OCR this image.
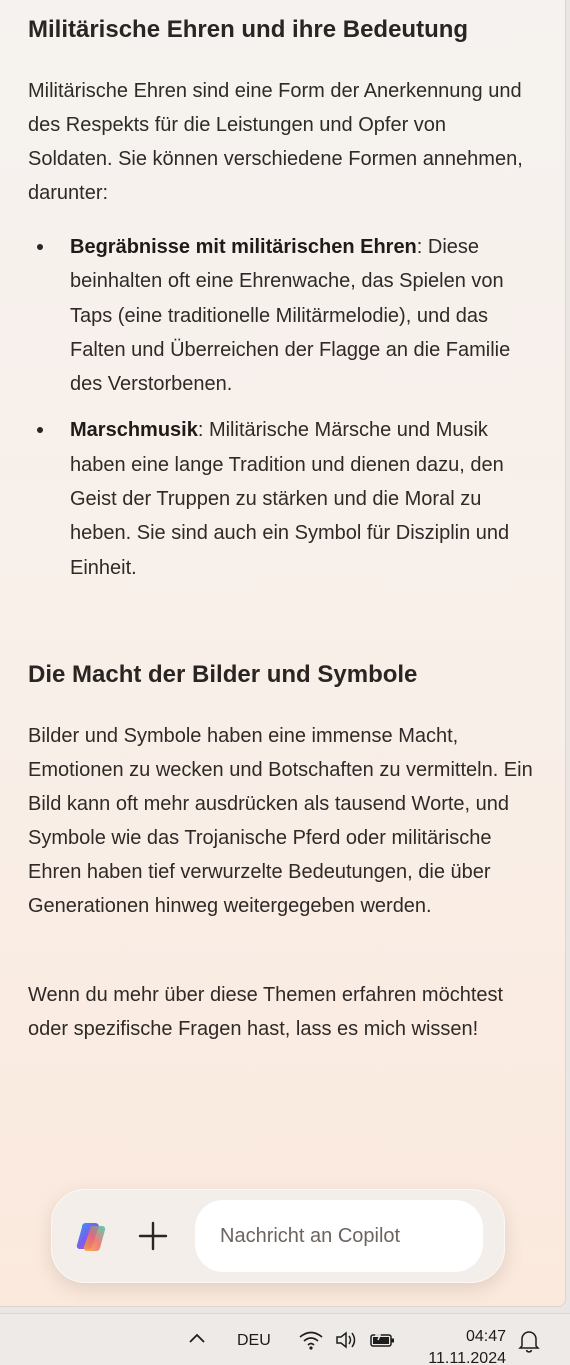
Militärische Ehren und ihre Bedeutung

Militärische Ehren sind eine Form der Anerkennung und des Respekts für die Leistungen und Opfer von Soldaten. Sie können verschiedene Formen annehmen, darunter:

Begräbnisse mit militärischen Ehren: Diese beinhalten oft eine Ehrenwache, das Spielen von Taps (eine traditionelle Militärmelodie), und das Falten und Überreichen der Flagge an die Familie des Verstorbenen.
Marschmusik: Militärische Märsche und Musik haben eine lange Tradition und dienen dazu, den Geist der Truppen zu stärken und die Moral zu heben. Sie sind auch ein Symbol für Disziplin und Einheit.
Die Macht der Bilder und Symbole

Bilder und Symbole haben eine immense Macht, Emotionen zu wecken und Botschaften zu vermitteln. Ein Bild kann oft mehr ausdrücken als tausend Worte, und Symbole wie das Trojanische Pferd oder militärische Ehren haben tief verwurzelte Bedeutungen, die über Generationen hinweg weitergegeben werden.

Wenn du mehr über diese Themen erfahren möchtest oder spezifische Fragen hast, lass es mich wissen!

Nachricht an Copilot
DEU	04:47
11.11.2024
